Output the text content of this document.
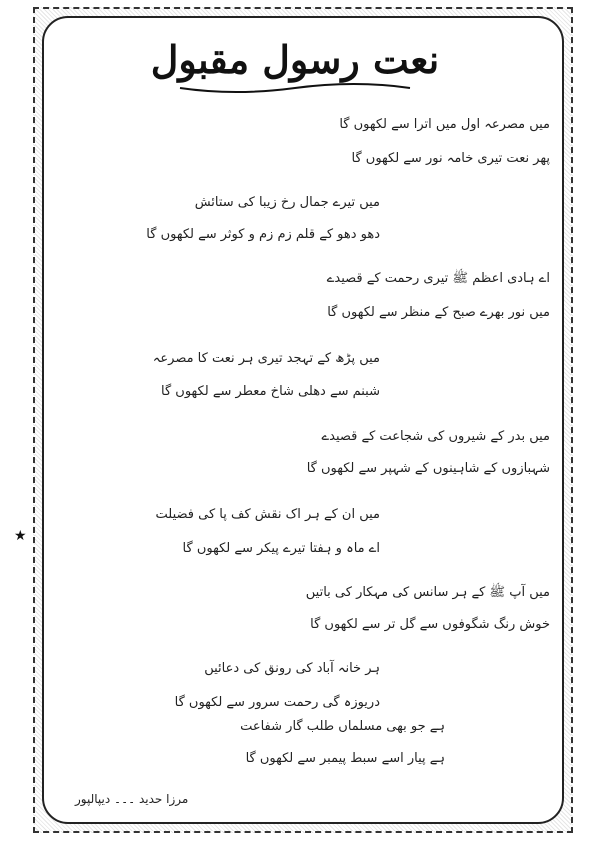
نعت رسول مقبول
میں مصرعہ اول میں اترا سے لکھوں گا
پھر نعت تیری خامہ نور سے لکھوں گا
میں تیرے جمال رخ زیبا کی ستائش
دھو دھو کے قلم زم زم و کوثر سے لکھوں گا
اے ہادی اعظم ﷺ تیری رحمت کے قصیدے
میں نور بھرے صبح کے منظر سے لکھوں گا
میں پڑھ کے تہجد تیری ہر نعت کا مصرعہ
شبنم سے دھلی شاخ معطر سے لکھوں گا
میں بدر کے شیروں کی شجاعت کے قصیدے
شہبازوں کے شاہینوں کے شہپر سے لکھوں گا
میں ان کے ہر اک نقش کف پا کی فضیلت
اے ماہ و ہفتا تیرے پیکر سے لکھوں گا
میں آپ ﷺ کے ہر سانس کی مہکار کی باتیں
خوش رنگ شگوفوں سے گل تر سے لکھوں گا
ہر خانہ آباد کی رونق کی دعائیں
دریوزہ گی رحمت سرور سے لکھوں گا
ہے جو بھی مسلماں طلب گار شفاعت
ہے پیار اسے سبط پیمبر سے لکھوں گا
مرزا حدید ۔۔۔ دیپالپور
★
